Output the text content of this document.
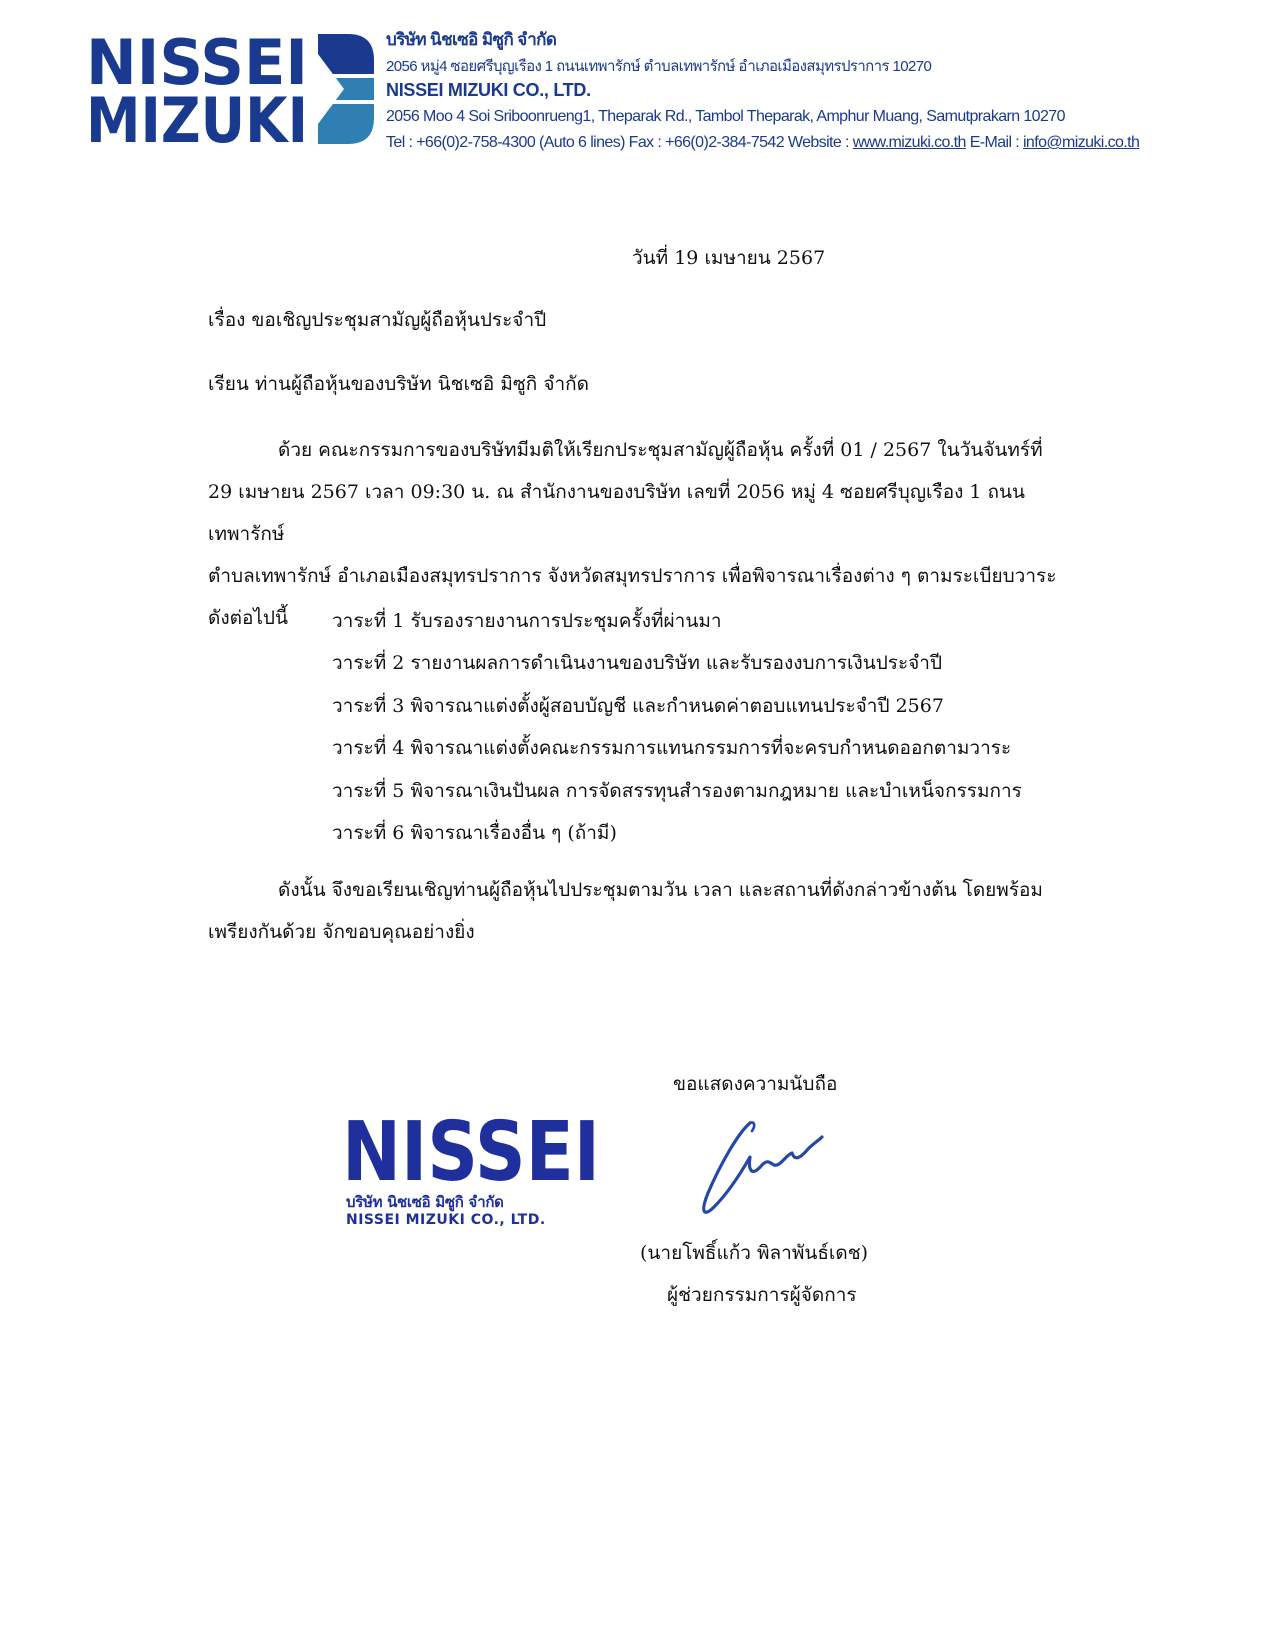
NISSEI
MIZUKI
บริษัท นิชเซอิ มิซูกิ จำกัด
2056 หมู่4 ซอยศรีบุญเรือง 1 ถนนเทพารักษ์ ตำบลเทพารักษ์ อำเภอเมืองสมุทรปราการ 10270
NISSEI MIZUKI CO., LTD.
2056 Moo 4 Soi Sriboonrueng1, Theparak Rd., Tambol Theparak, Amphur Muang, Samutprakarn 10270
Tel : +66(0)2-758-4300 (Auto 6 lines) Fax : +66(0)2-384-7542 Website : www.mizuki.co.th E-Mail : info@mizuki.co.th
วันที่ 19 เมษายน 2567
เรื่อง ขอเชิญประชุมสามัญผู้ถือหุ้นประจำปี
เรียน ท่านผู้ถือหุ้นของบริษัท นิชเซอิ มิซูกิ จำกัด

ด้วย คณะกรรมการของบริษัทมีมติให้เรียกประชุมสามัญผู้ถือหุ้น ครั้งที่ 01 / 2567 ในวันจันทร์ที่

29 เมษายน 2567 เวลา 09:30 น. ณ สำนักงานของบริษัท เลขที่ 2056 หมู่ 4 ซอยศรีบุญเรือง 1 ถนนเทพารักษ์

ตำบลเทพารักษ์ อำเภอเมืองสมุทรปราการ จังหวัดสมุทรปราการ เพื่อพิจารณาเรื่องต่าง ๆ ตามระเบียบวาระ

ดังต่อไปนี้	วาระที่ 1 รับรองรายงานการประชุมครั้งที่ผ่านมา
วาระที่ 2 รายงานผลการดำเนินงานของบริษัท และรับรองงบการเงินประจำปี
วาระที่ 3 พิจารณาแต่งตั้งผู้สอบบัญชี และกำหนดค่าตอบแทนประจำปี 2567
วาระที่ 4 พิจารณาแต่งตั้งคณะกรรมการแทนกรรมการที่จะครบกำหนดออกตามวาระ
วาระที่ 5 พิจารณาเงินปันผล การจัดสรรทุนสำรองตามกฎหมาย และบำเหน็จกรรมการ
วาระที่ 6 พิจารณาเรื่องอื่น ๆ (ถ้ามี)

ดังนั้น จึงขอเรียนเชิญท่านผู้ถือหุ้นไปประชุมตามวัน เวลา และสถานที่ดังกล่าวข้างต้น โดยพร้อม

เพรียงกันด้วย จักขอบคุณอย่างยิ่ง

ขอแสดงความนับถือ
NISSEI
บริษัท นิชเซอิ มิซูกิ จำกัด
NISSEI MIZUKI CO., LTD.
(นายโพธิ์แก้ว พิลาพันธ์เดช)
ผู้ช่วยกรรมการผู้จัดการ
